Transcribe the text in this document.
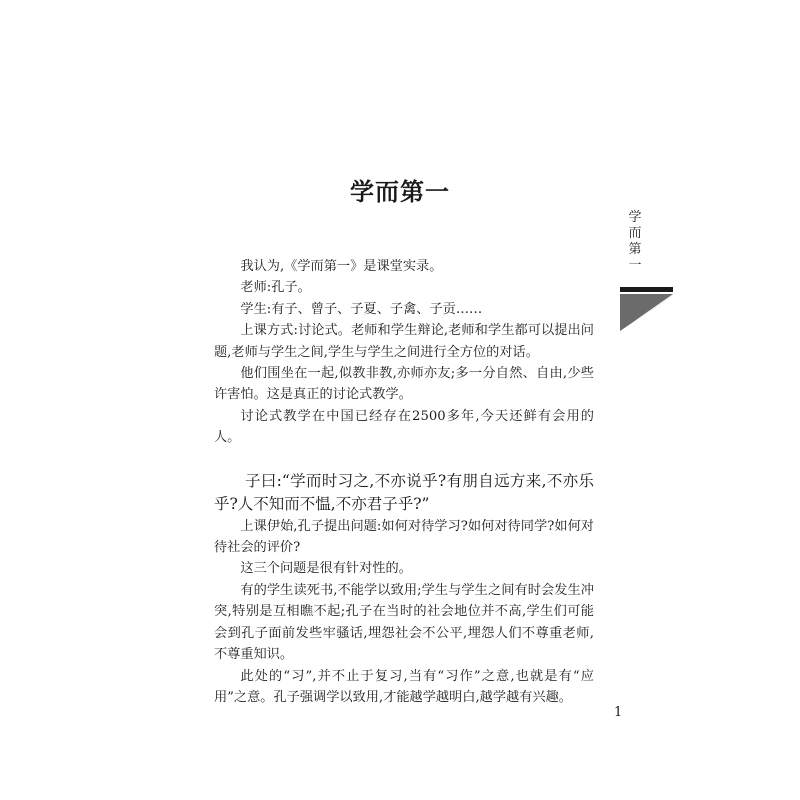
学而第一
学而第一

我认为,《学而第一》是课堂实录。

老师:孔子。

学生:有子、曾子、子夏、子禽、子贡……

上课方式:讨论式。老师和学生辩论,老师和学生都可以提出问题,老师与学生之间,学生与学生之间进行全方位的对话。

他们围坐在一起,似教非教,亦师亦友;多一分自然、自由,少些许害怕。这是真正的讨论式教学。

讨论式教学在中国已经存在2500多年,今天还鲜有会用的人。

子曰:“学而时习之,不亦说乎?有朋自远方来,不亦乐乎?人不知而不愠,不亦君子乎?”

上课伊始,孔子提出问题:如何对待学习?如何对待同学?如何对待社会的评价?

这三个问题是很有针对性的。

有的学生读死书,不能学以致用;学生与学生之间有时会发生冲突,特别是互相瞧不起;孔子在当时的社会地位并不高,学生们可能会到孔子面前发些牢骚话,埋怨社会不公平,埋怨人们不尊重老师,不尊重知识。

此处的“习”,并不止于复习,当有“习作”之意,也就是有“应用”之意。孔子强调学以致用,才能越学越明白,越学越有兴趣。

1
